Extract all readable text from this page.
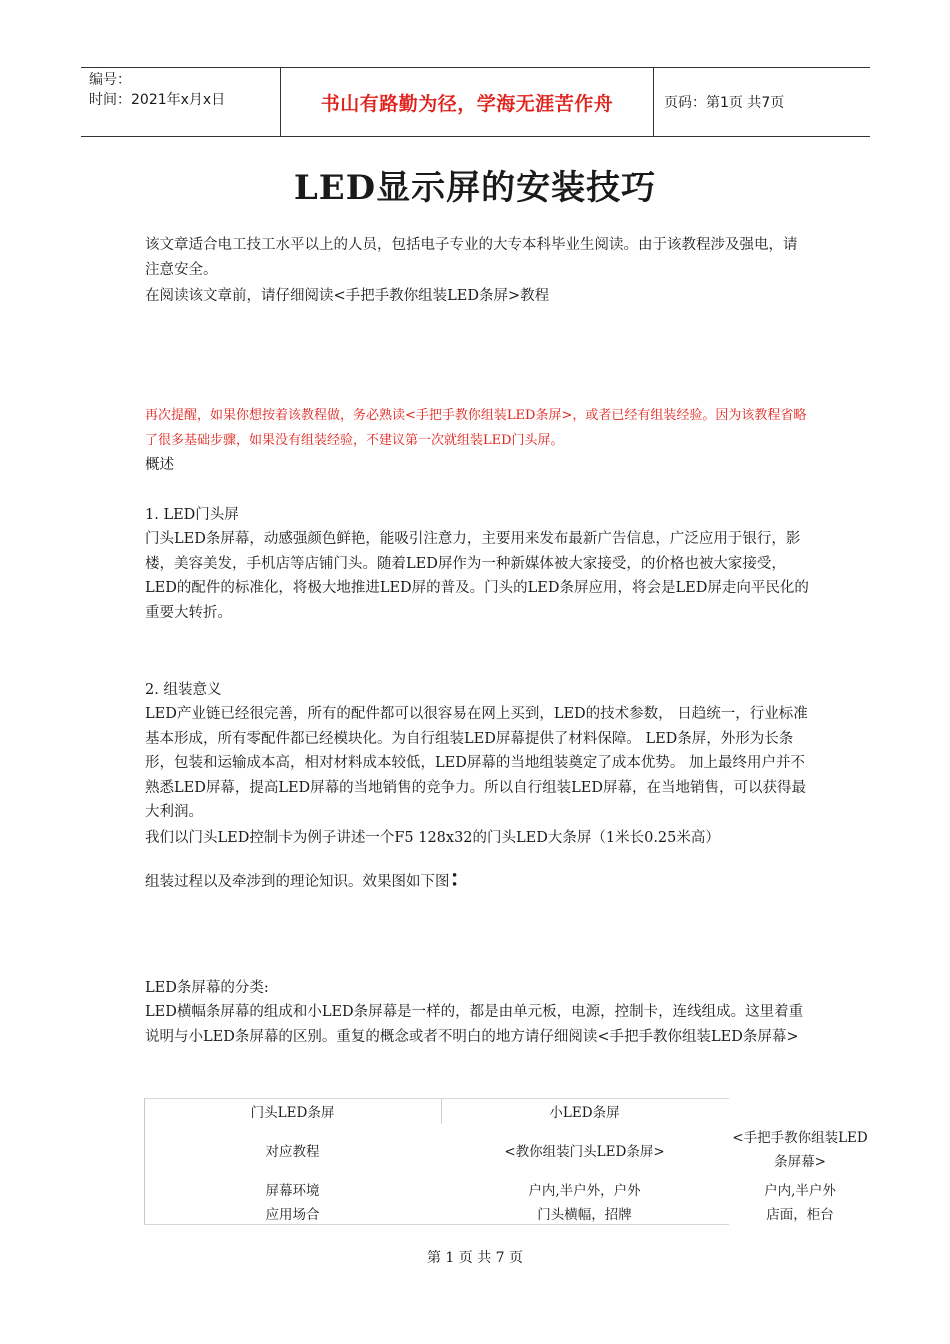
编号：
时间：2021年x月x日	书山有路勤为径，学海无涯苦作舟	页码：第1页 共7页
LED显示屏的安装技巧
该文章适合电工技工水平以上的人员，包括电子专业的大专本科毕业生阅读。由于该教程涉及强电，请注意安全。
在阅读该文章前，请仔细阅读<手把手教你组装LED条屏>教程
再次提醒，如果你想按着该教程做，务必熟读<手把手教你组装LED条屏>，或者已经有组装经验。因为该教程省略了很多基础步骤，如果没有组装经验，不建议第一次就组装LED门头屏。
概述
1. LED门头屏
门头LED条屏幕，动感强颜色鲜艳，能吸引注意力，主要用来发布最新广告信息，广泛应用于银行，影楼，美容美发，手机店等店铺门头。随着LED屏作为一种新媒体被大家接受，的价格也被大家接受，LED的配件的标准化，将极大地推进LED屏的普及。门头的LED条屏应用，将会是LED屏走向平民化的重要大转折。
2. 组装意义
LED产业链已经很完善，所有的配件都可以很容易在网上买到，LED的技术参数， 日趋统一，行业标准基本形成，所有零配件都已经模块化。为自行组装LED屏幕提供了材料保障。 LED条屏，外形为长条形，包装和运输成本高，相对材料成本较低，LED屏幕的当地组装奠定了成本优势。 加上最终用户并不熟悉LED屏幕，提高LED屏幕的当地销售的竞争力。所以自行组装LED屏幕，在当地销售，可以获得最大利润。
我们以门头LED控制卡为例子讲述一个F5 128x32的门头LED大条屏（1米长0.25米高）
组装过程以及牵涉到的理论知识。效果图如下图：
LED条屏幕的分类:
LED横幅条屏幕的组成和小LED条屏幕是一样的，都是由单元板，电源，控制卡，连线组成。这里着重说明与小LED条屏幕的区别。重复的概念或者不明白的地方请仔细阅读<手把手教你组装LED条屏幕>
门头LED条屏	小LED条屏	
对应教程	<教你组装门头LED条屏>	<手把手教你组装LED
条屏幕>

屏幕环境	户内,半户外，户外	户内,半户外
应用场合	门头横幅，招牌	店面，柜台
第 1 页 共 7 页
